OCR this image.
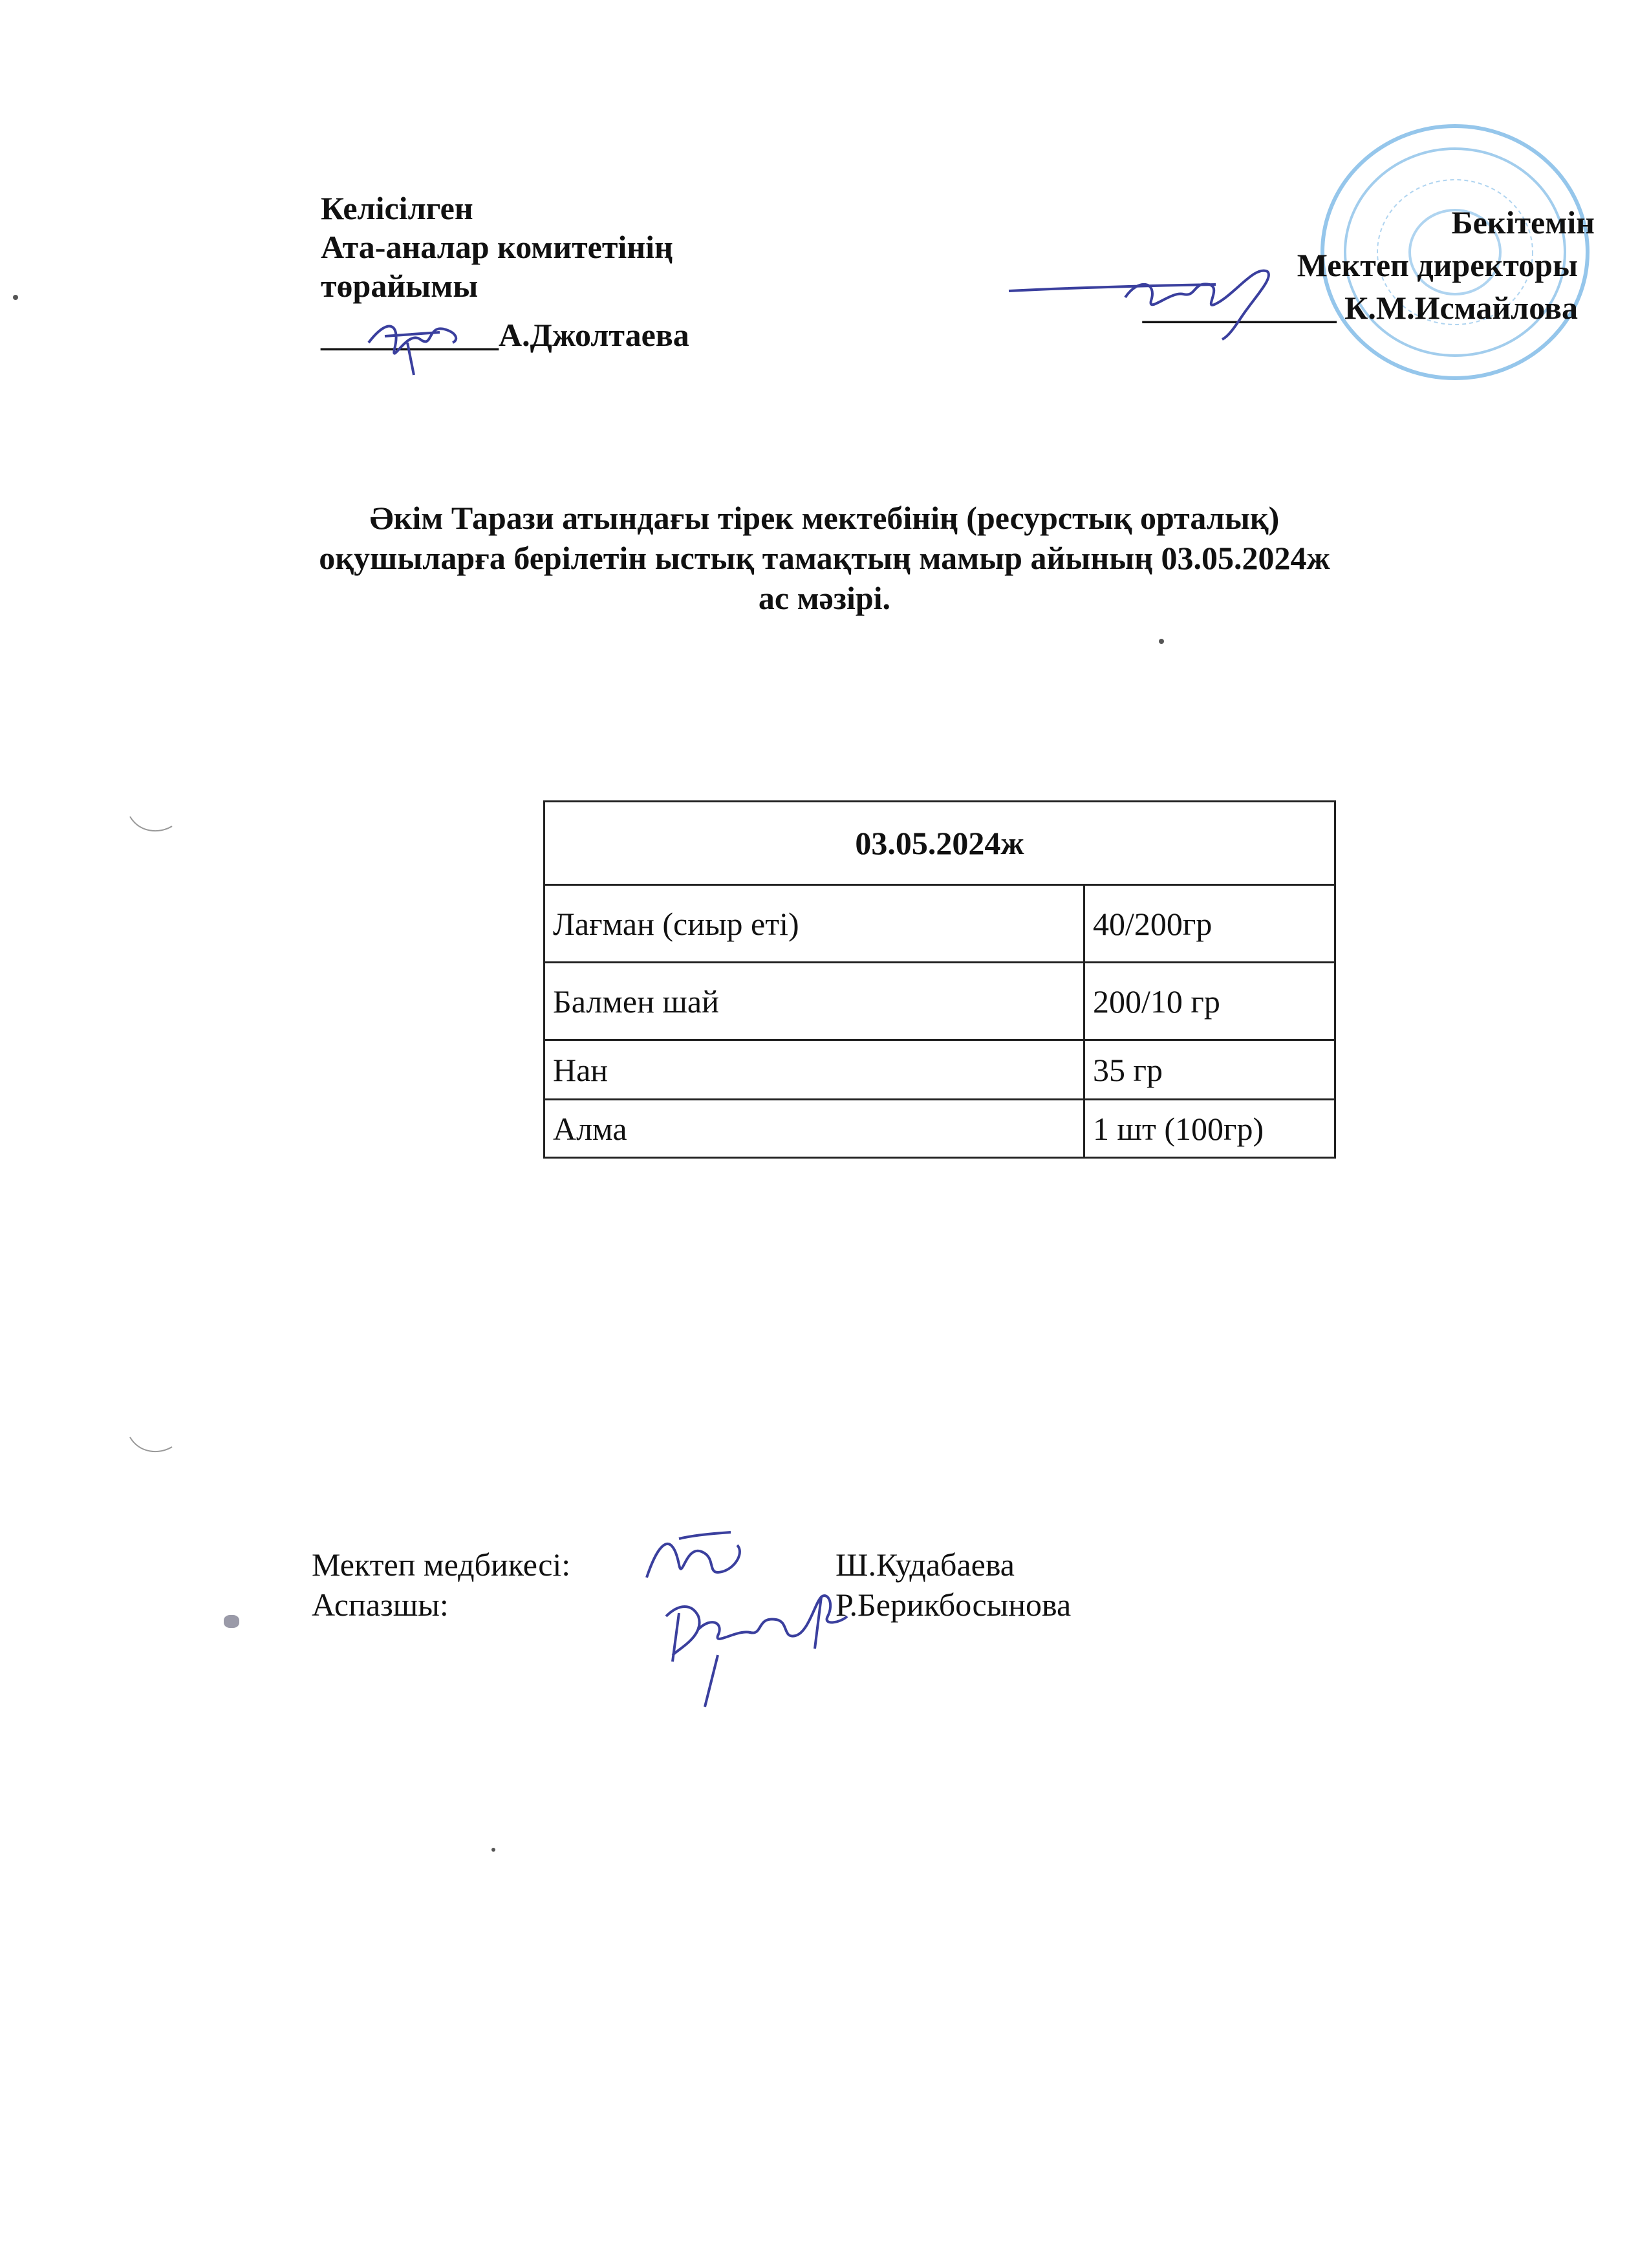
Келісілген
Ата-аналар комитетінің
төрайымы
___________А.Джолтаева
Бекітемін
Мектеп директоры
____________ К.М.Исмайлова
Әкім Тарази атындағы тірек мектебінің (ресурстық орталық)
оқушыларға берілетін ыстық тамақтың мамыр айының 03.05.2024ж
ас мәзірі.
03.05.2024ж	
Лағман (сиыр еті)	40/200гр
Балмен шай	200/10 гр
Нан	35 гр
Алма	1 шт (100гр)
Мектеп медбикесі:	Ш.Кудабаева
Аспазшы:	Р.Берикбосынова
